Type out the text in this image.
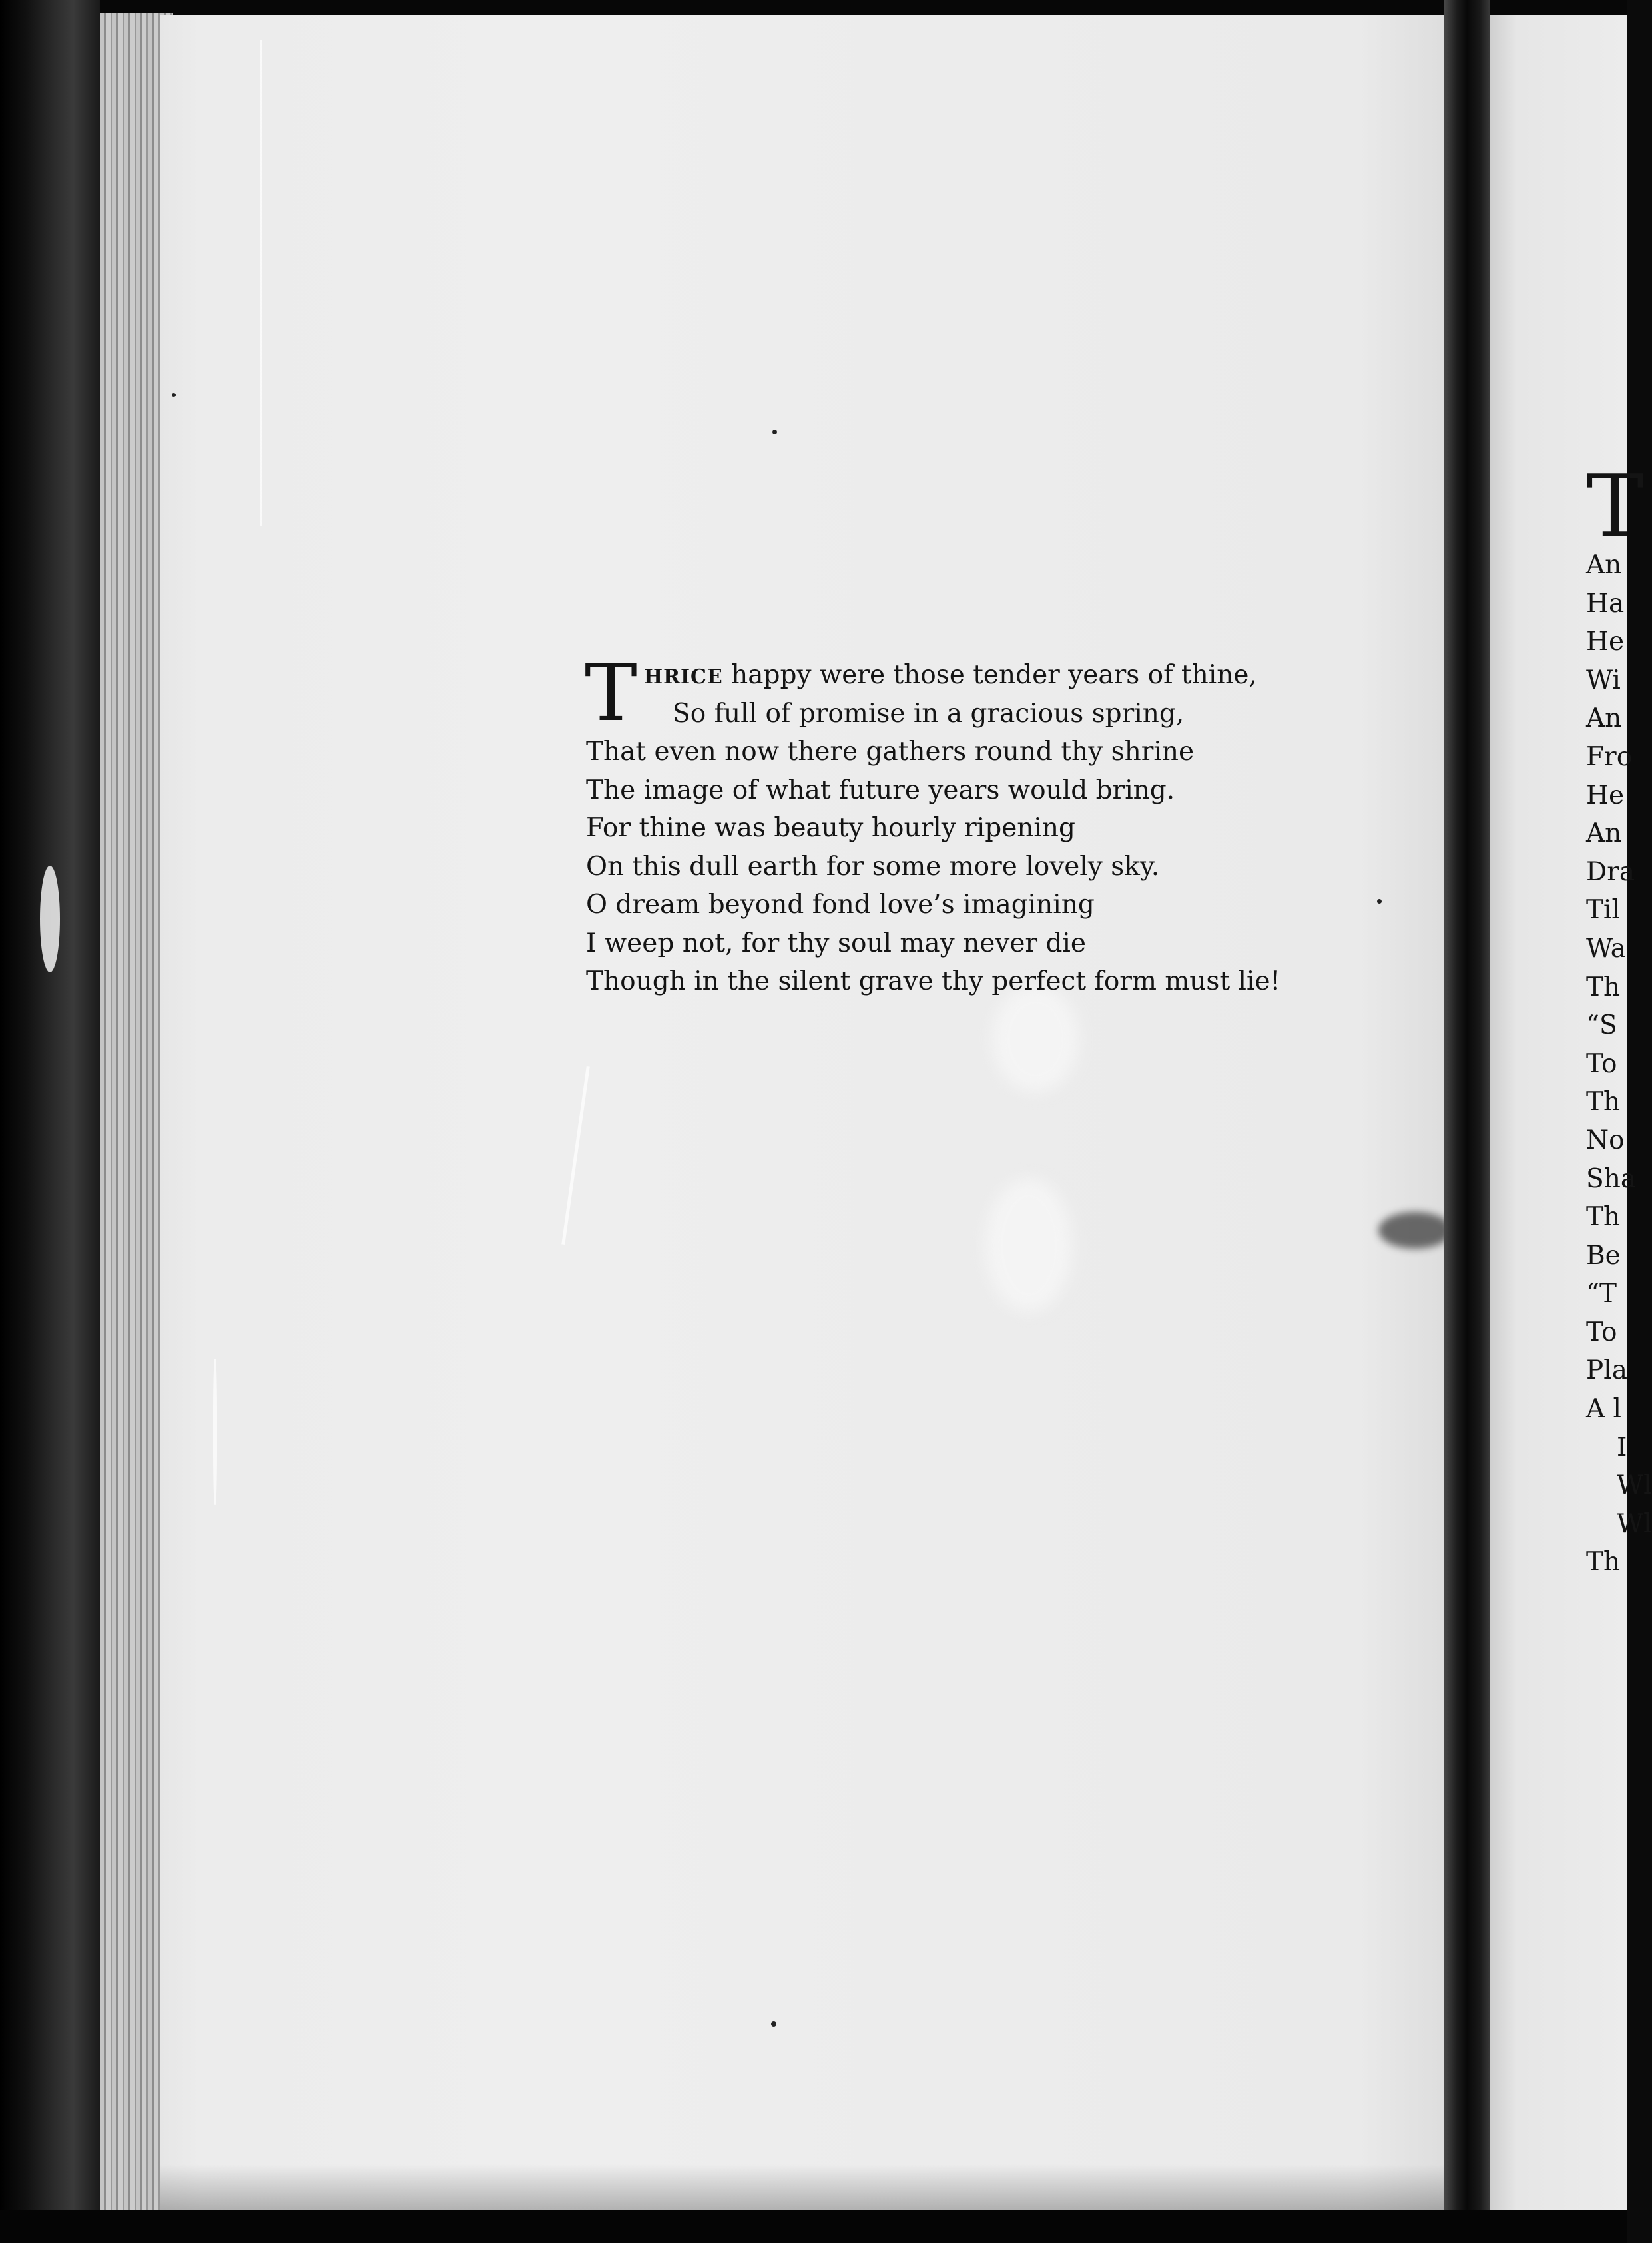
T HRICE happy were those tender years of thine,
So full of promise in a gracious spring,
That even now there gathers round thy shrine
The image of what future years would bring.
For thine was beauty hourly ripening
On this dull earth for some more lovely sky.
O dream beyond fond love’s imagining
I weep not, for thy soul may never die
Though in the silent grave thy perfect form must lie!
T
An
Ha
He
Wi
An
Fro
He
An
Dra
Til
Wa
Th
“S
To
Th
No
Sha
Th
Be
“T
To
Pla
A l
I
Wl
Wl
Th
